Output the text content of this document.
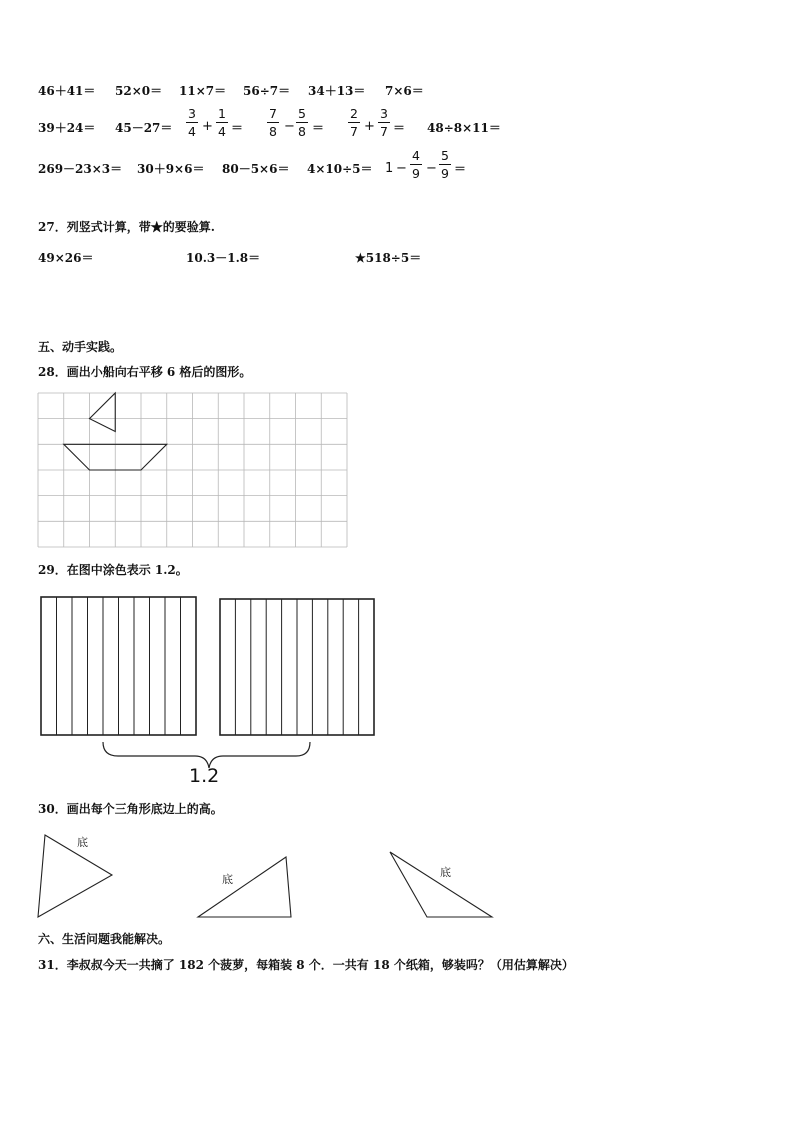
46＋41＝ 52×0＝ 11×7＝ 56÷7＝ 34＋13＝ 7×6＝
39＋24＝ 45－27＝
3
4 +
1
4 ＝
7
8 −
5
8 ＝
2
7 +
3
7 ＝ 48÷8×11＝
269－23×3＝ 30＋9×6＝ 80－5×6＝ 4×10÷5＝ 1 −
4
9 −
5
9 ＝
27．列竖式计算，带★的要验算.
49×26＝	10.3－1.8＝	★518÷5＝
五、动手实践。
28．画出小船向右平移 6 格后的图形。
29．在图中涂色表示 1.2。
1.2
30．画出每个三角形底边上的高。
底
底
底
六、生活问题我能解决。
31．李叔叔今天一共摘了 182 个菠萝，每箱装 8 个．一共有 18 个纸箱，够装吗？（用估算解决）
